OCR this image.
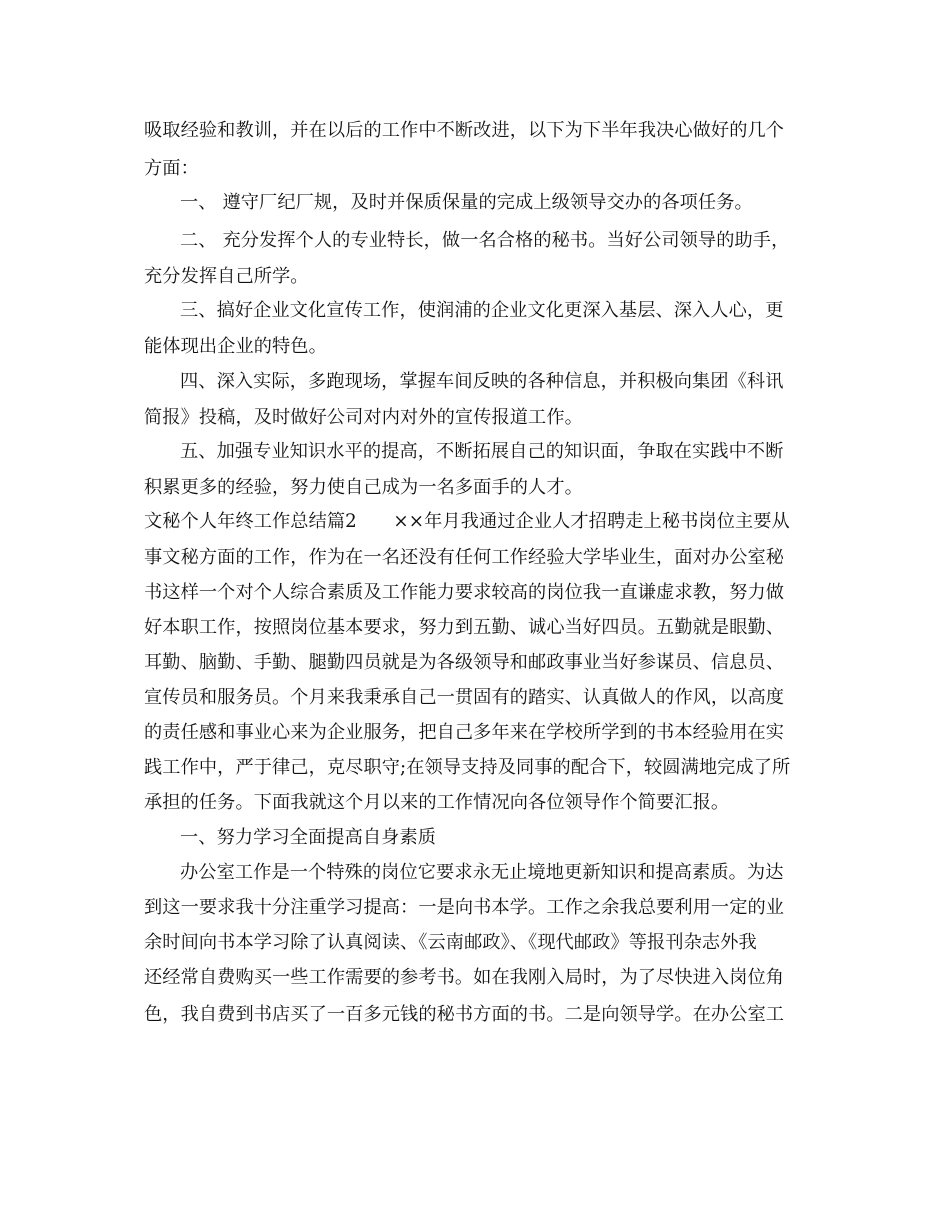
吸取经验和教训，并在以后的工作中不断改进，以下为下半年我决心做好的几个
方面：
一、 遵守厂纪厂规，及时并保质保量的完成上级领导交办的各项任务。
二、 充分发挥个人的专业特长，做一名合格的秘书。当好公司领导的助手，
充分发挥自己所学。
三、搞好企业文化宣传工作，使润浦的企业文化更深入基层、深入人心，更
能体现出企业的特色。
四、深入实际，多跑现场，掌握车间反映的各种信息，并积极向集团《科讯
简报》投稿，及时做好公司对内对外的宣传报道工作。
五、加强专业知识水平的提高，不断拓展自己的知识面，争取在实践中不断
积累更多的经验，努力使自己成为一名多面手的人才。
文秘个人年终工作总结篇2　　××年月我通过企业人才招聘走上秘书岗位主要从
事文秘方面的工作，作为在一名还没有任何工作经验大学毕业生，面对办公室秘
书这样一个对个人综合素质及工作能力要求较高的岗位我一直谦虚求教，努力做
好本职工作，按照岗位基本要求，努力到五勤、诚心当好四员。五勤就是眼勤、
耳勤、脑勤、手勤、腿勤四员就是为各级领导和邮政事业当好参谋员、信息员、
宣传员和服务员。个月来我秉承自己一贯固有的踏实、认真做人的作风，以高度
的责任感和事业心来为企业服务，把自己多年来在学校所学到的书本经验用在实
践工作中，严于律己，克尽职守;在领导支持及同事的配合下，较圆满地完成了所
承担的任务。下面我就这个月以来的工作情况向各位领导作个简要汇报。
一、努力学习全面提高自身素质
办公室工作是一个特殊的岗位它要求永无止境地更新知识和提高素质。为达
到这一要求我十分注重学习提高：一是向书本学。工作之余我总要利用一定的业
余时间向书本学习除了认真阅读、《云南邮政》、《现代邮政》等报刊杂志外我
还经常自费购买一些工作需要的参考书。如在我刚入局时，为了尽快进入岗位角
色，我自费到书店买了一百多元钱的秘书方面的书。二是向领导学。在办公室工
